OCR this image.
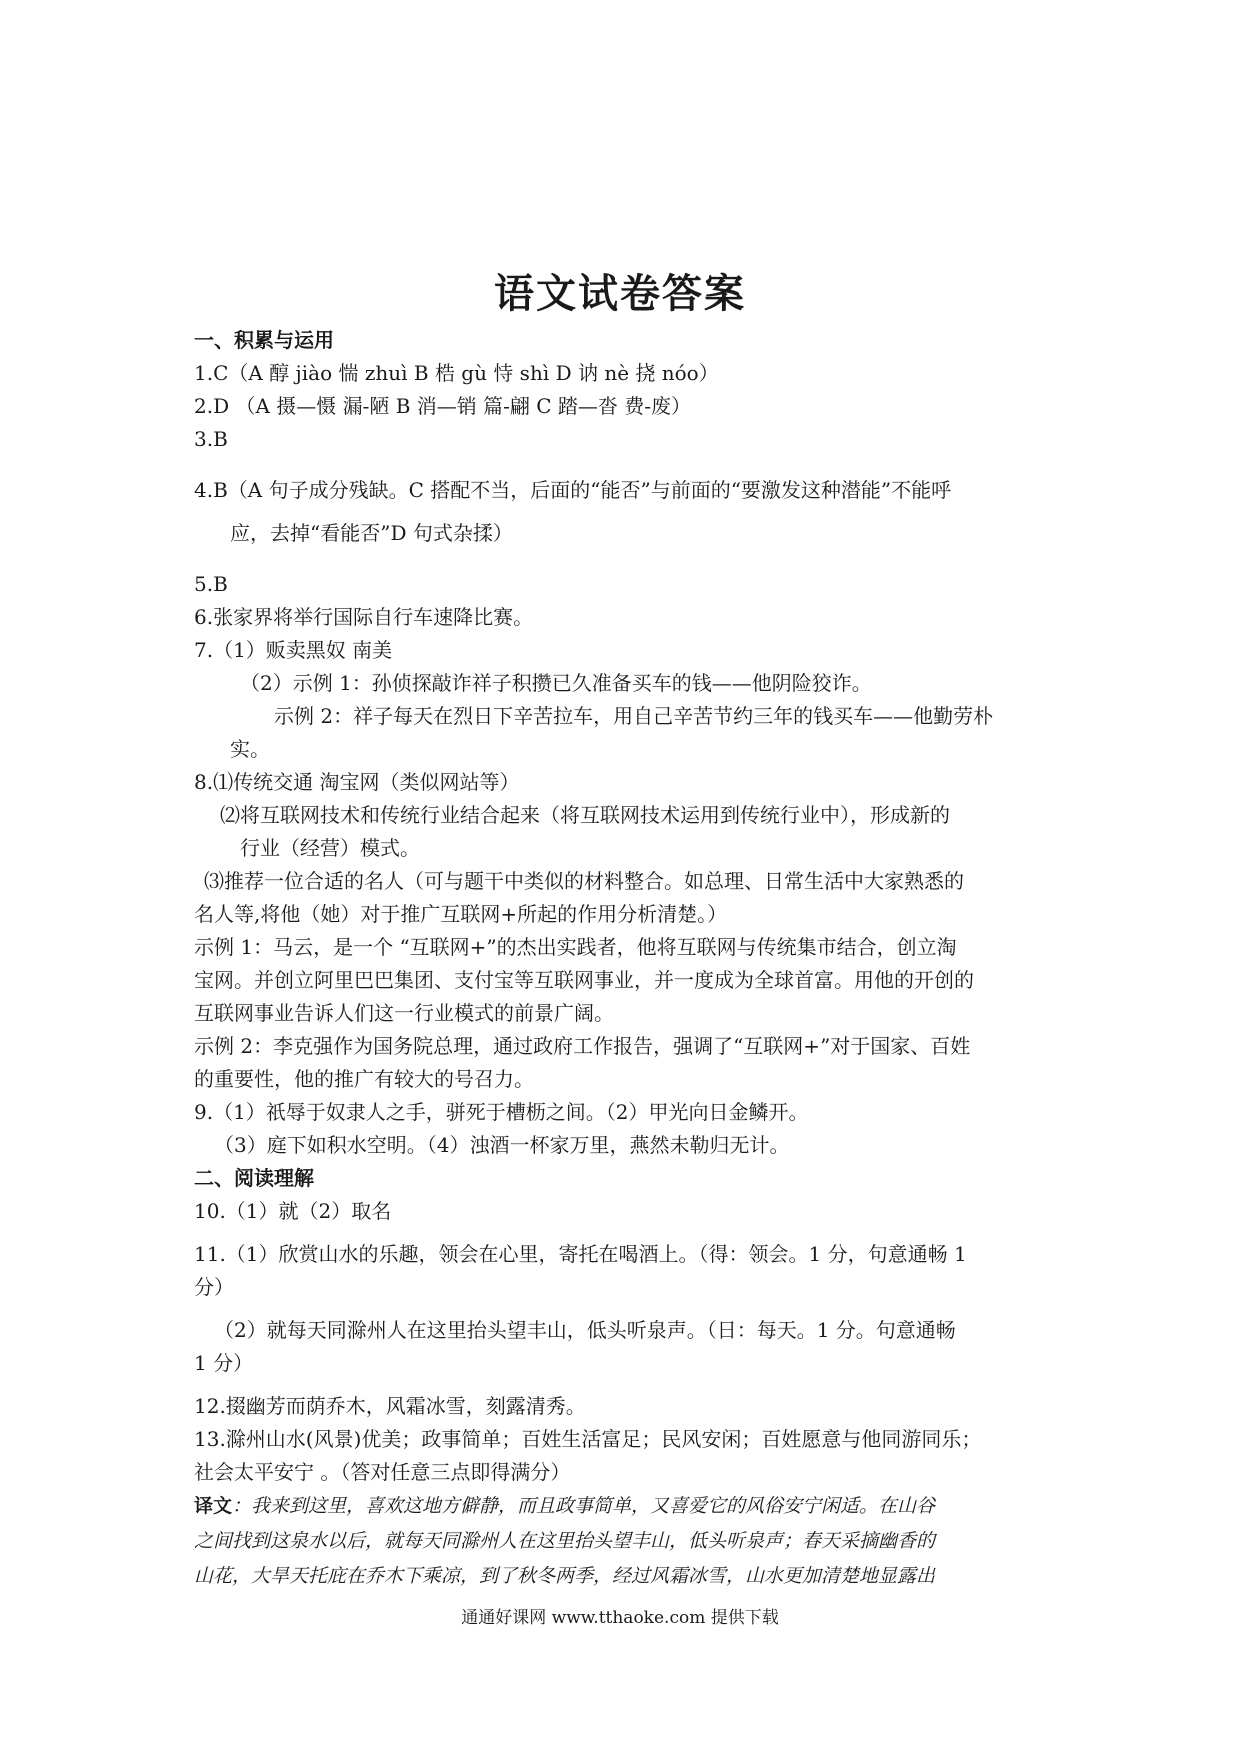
语文试卷答案
一、积累与运用
1.C（A 醇 jiào 惴 zhuì B 梏 gù 恃 shì D 讷 nè 挠 nóo）
2.D （A 摄—慑 漏-陋 B 消—销 篇-翩 C 踏—沓 费-废）
3.B
4.B（A 句子成分残缺。C 搭配不当，后面的“能否”与前面的“要激发这种潜能”不能呼
应，去掉“看能否”D 句式杂揉）
5.B
6.张家界将举行国际自行车速降比赛。
7.（1）贩卖黑奴 南美
（2）示例 1：孙侦探敲诈祥子积攒已久准备买车的钱——他阴险狡诈。
示例 2：祥子每天在烈日下辛苦拉车，用自己辛苦节约三年的钱买车——他勤劳朴
实。
8.⑴传统交通 淘宝网（类似网站等）
⑵将互联网技术和传统行业结合起来（将互联网技术运用到传统行业中），形成新的
行业（经营）模式。
⑶推荐一位合适的名人（可与题干中类似的材料整合。如总理、日常生活中大家熟悉的
名人等,将他（她）对于推广互联网+所起的作用分析清楚。）
示例 1：马云，是一个 “互联网+”的杰出实践者，他将互联网与传统集市结合，创立淘
宝网。并创立阿里巴巴集团、支付宝等互联网事业，并一度成为全球首富。用他的开创的
互联网事业告诉人们这一行业模式的前景广阔。
示例 2：李克强作为国务院总理，通过政府工作报告，强调了“互联网+”对于国家、百姓
的重要性，他的推广有较大的号召力。
9.（1）祇辱于奴隶人之手，骈死于槽枥之间。（2）甲光向日金鳞开。
（3）庭下如积水空明。（4）浊酒一杯家万里，燕然未勒归无计。
二、阅读理解
10.（1）就（2）取名
11.（1）欣赏山水的乐趣，领会在心里，寄托在喝酒上。（得：领会。1 分，句意通畅 1
分）
（2）就每天同滁州人在这里抬头望丰山，低头听泉声。（日：每天。1 分。句意通畅
1 分）
12.掇幽芳而荫乔木，风霜冰雪，刻露清秀。
13.滁州山水(风景)优美；政事简单；百姓生活富足；民风安闲；百姓愿意与他同游同乐；
社会太平安宁 。（答对任意三点即得满分）
译文：我来到这里，喜欢这地方僻静，而且政事简单，又喜爱它的风俗安宁闲适。在山谷
之间找到这泉水以后，就每天同滁州人在这里抬头望丰山，低头听泉声；春天采摘幽香的
山花，大旱天托庇在乔木下乘凉，到了秋冬两季，经过风霜冰雪，山水更加清楚地显露出
通通好课网 www.tthaoke.com 提供下载
